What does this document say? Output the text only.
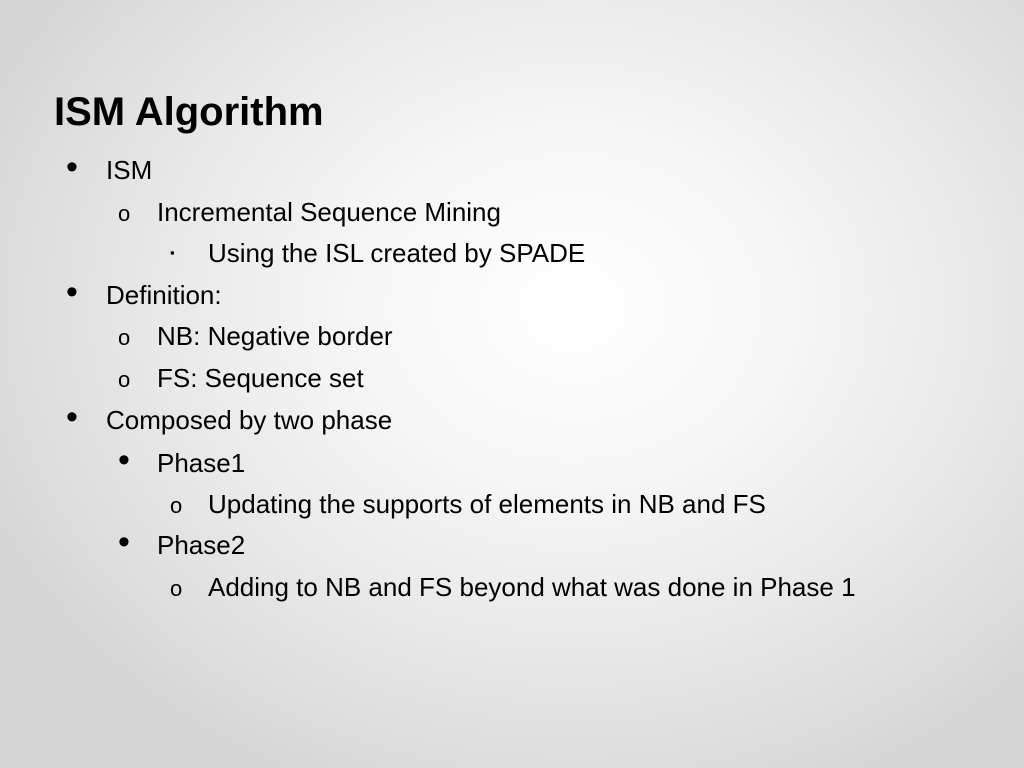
ISM Algorithm
• ISM
o Incremental Sequence Mining
▪ Using the ISL created by SPADE
• Definition:
o NB: Negative border
o FS: Sequence set
• Composed by two phase
• Phase1
o Updating the supports of elements in NB and FS
• Phase2
o Adding to NB and FS beyond what was done in Phase 1
